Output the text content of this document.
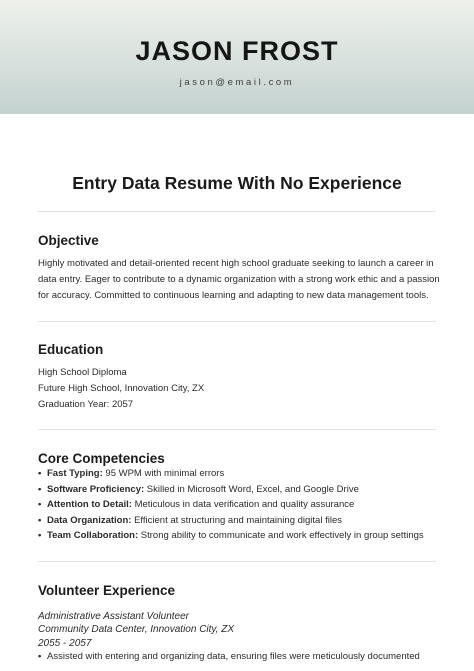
JASON FROST
jason@email.com
Entry Data Resume With No Experience
Objective
Highly motivated and detail-oriented recent high school graduate seeking to launch a career in
data entry. Eager to contribute to a dynamic organization with a strong work ethic and a passion
for accuracy. Committed to continuous learning and adapting to new data management tools.
Education
High School Diploma
Future High School, Innovation City, ZX
Graduation Year: 2057
Core Competencies
• Fast Typing: 95 WPM with minimal errors
• Software Proficiency: Skilled in Microsoft Word, Excel, and Google Drive
• Attention to Detail: Meticulous in data verification and quality assurance
• Data Organization: Efficient at structuring and maintaining digital files
• Team Collaboration: Strong ability to communicate and work effectively in group settings
Volunteer Experience
Administrative Assistant Volunteer
Community Data Center, Innovation City, ZX
2055 - 2057
• Assisted with entering and organizing data, ensuring files were meticulously documented
